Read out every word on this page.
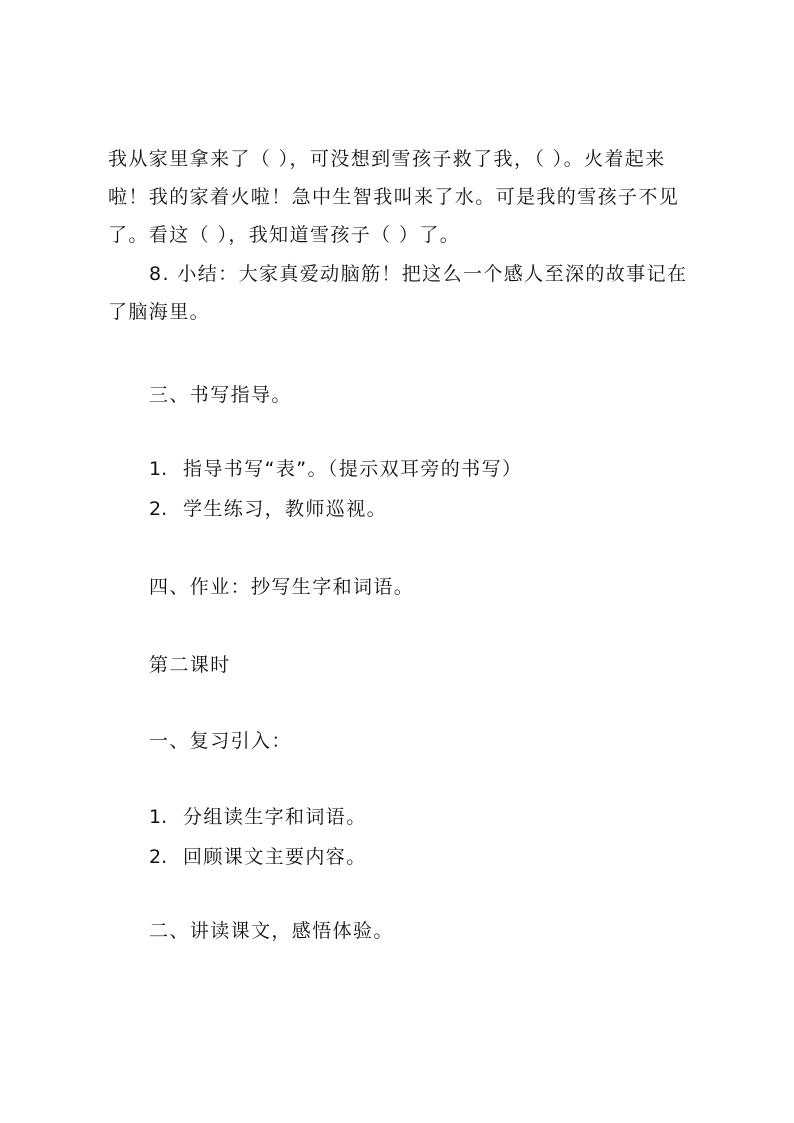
我从家里拿来了（ ），可没想到雪孩子救了我，（ ）。火着起来啦！我的家着火啦！急中生智我叫来了水。可是我的雪孩子不见了。看这（ ），我知道雪孩子（ ）了。
8. 小结：大家真爱动脑筋！把这么一个感人至深的故事记在了脑海里。
三、书写指导。
1. 指导书写“表”。（提示双耳旁的书写）
2. 学生练习，教师巡视。
四、作业：抄写生字和词语。
第二课时
一、复习引入：
1. 分组读生字和词语。
2. 回顾课文主要内容。
二、讲读课文，感悟体验。
